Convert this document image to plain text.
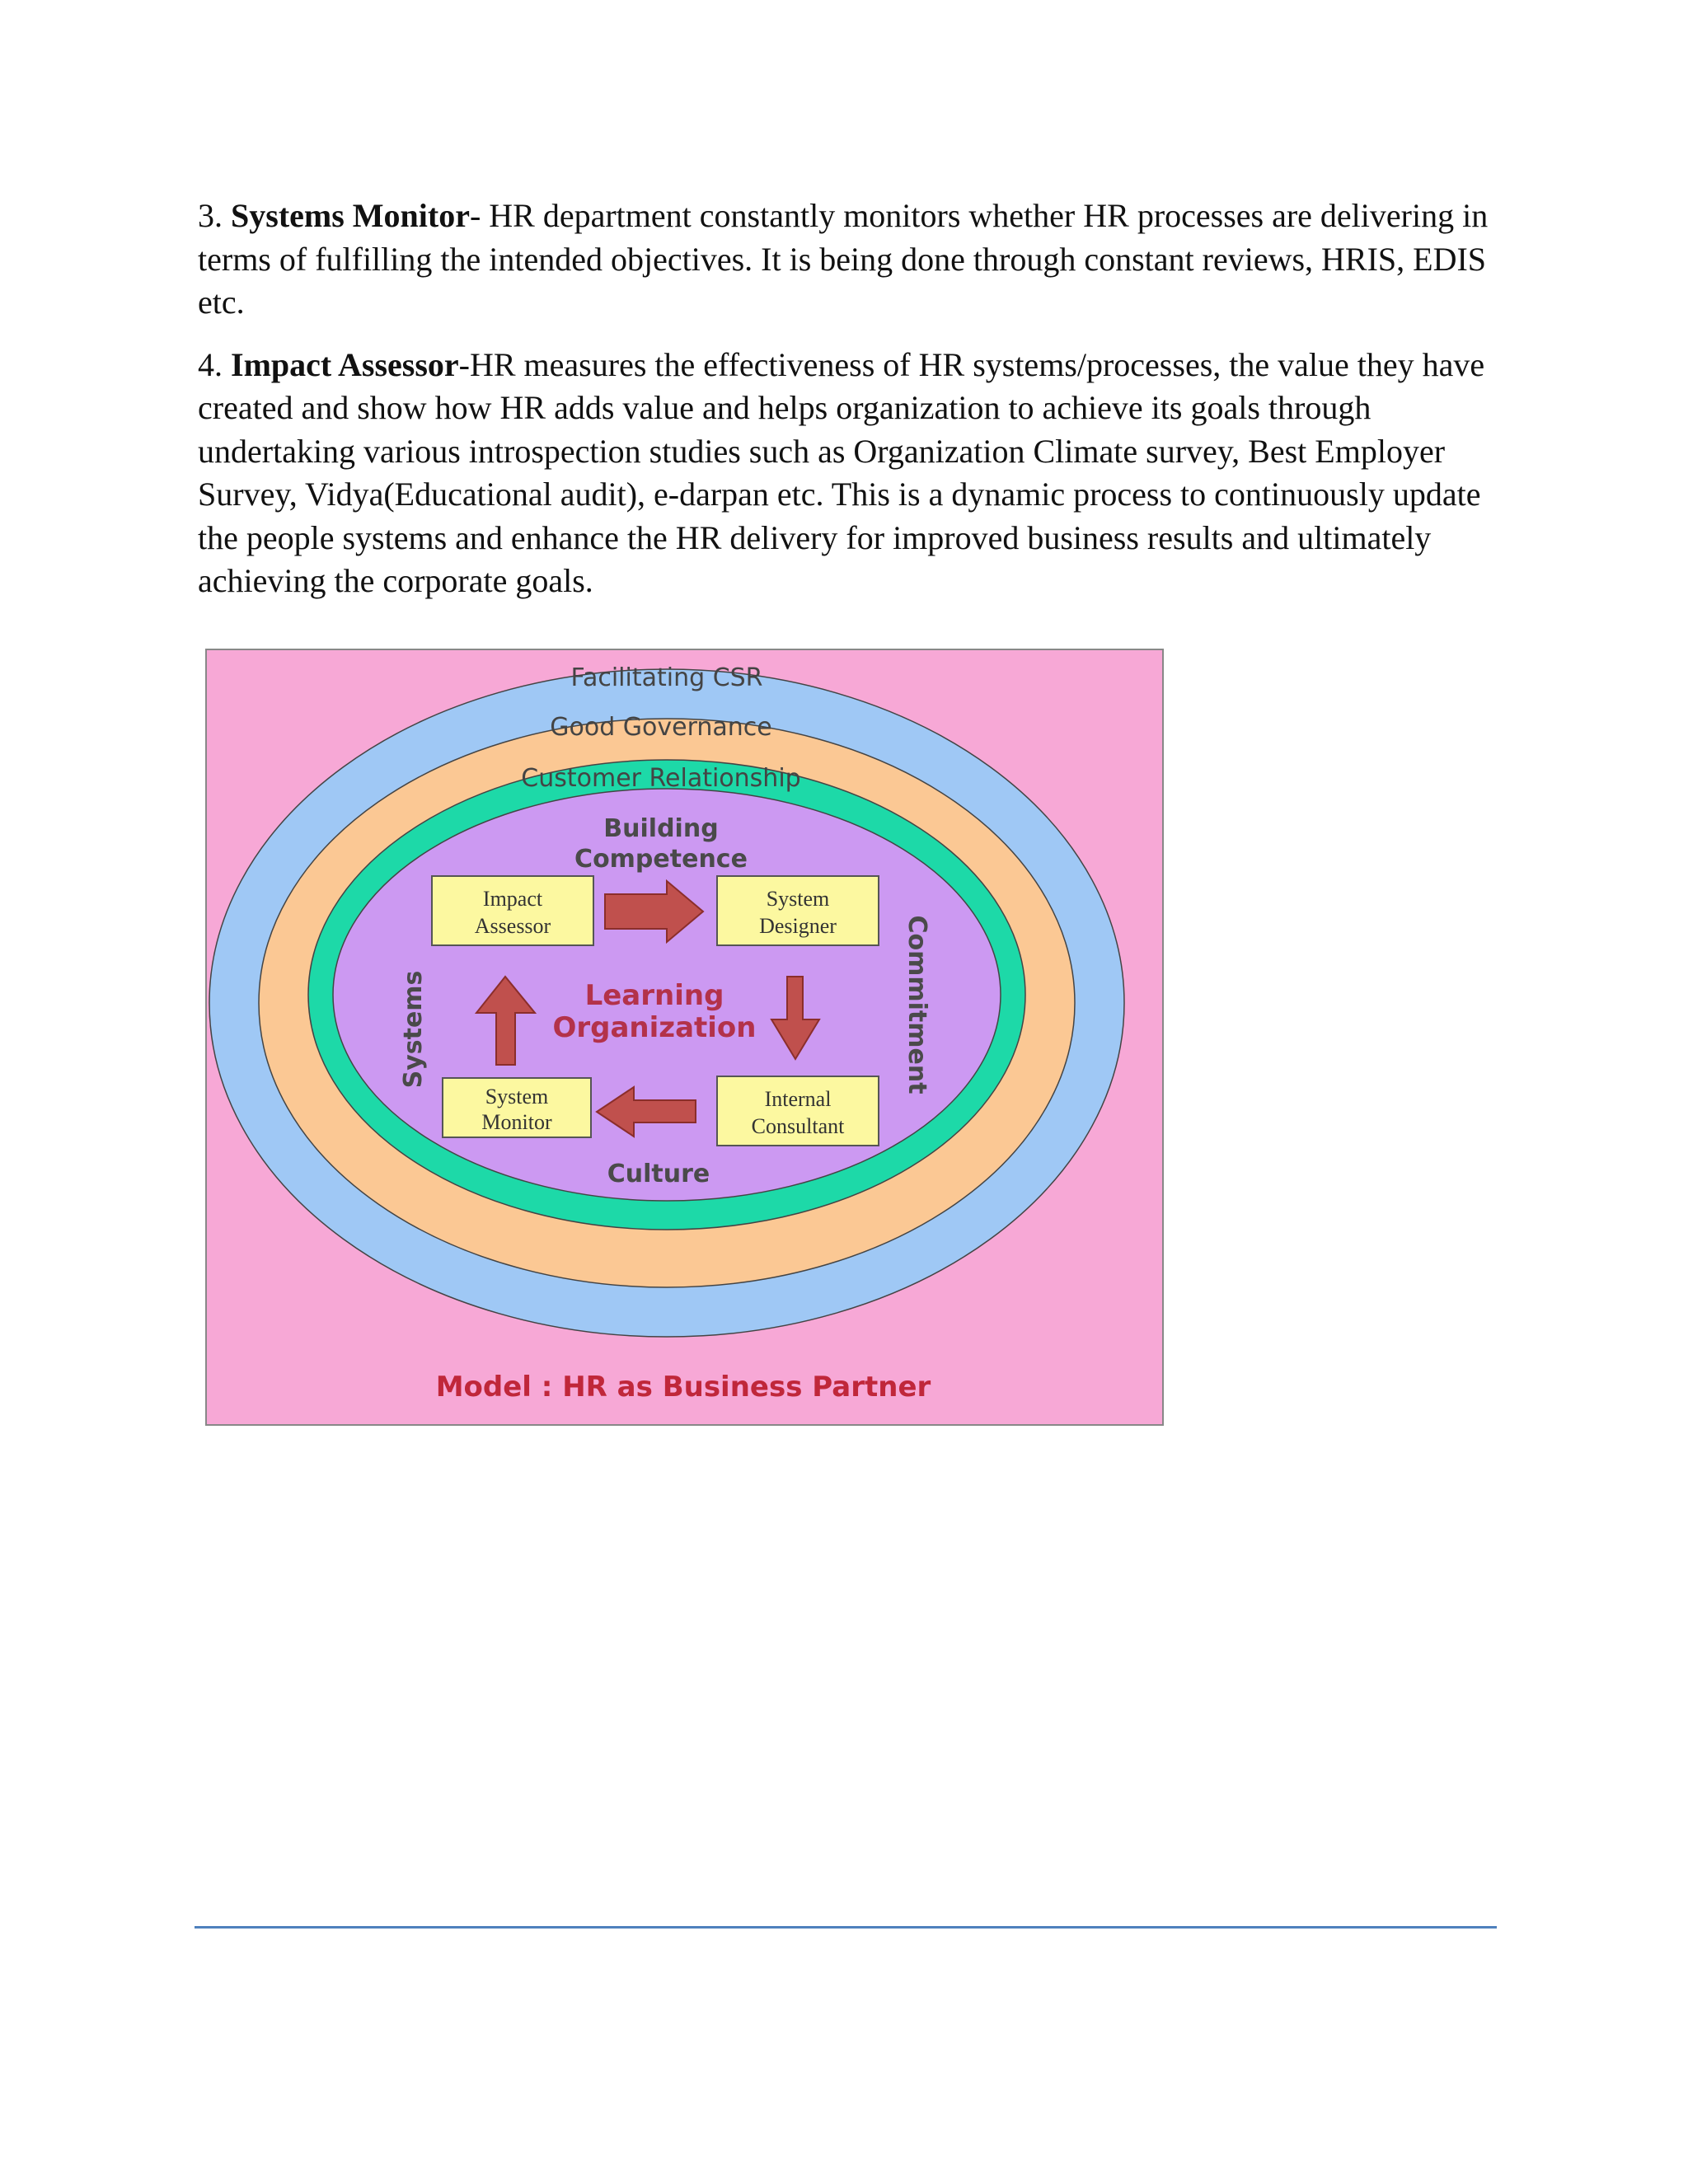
3. Systems Monitor- HR department constantly monitors whether HR processes are delivering in terms of fulfilling the intended objectives. It is being done through constant reviews, HRIS, EDIS etc.

4. Impact Assessor-HR measures the effectiveness of HR systems/processes, the value they have created and show how HR adds value and helps organization to achieve its goals through undertaking various introspection studies such as Organization Climate survey, Best Employer Survey, Vidya(Educational audit), e-darpan etc. This is a dynamic process to continuously update the people systems and enhance the HR delivery for improved business results and ultimately achieving the corporate goals.

Facilitating CSR
Good Governance
Customer Relationship
Building
Competence
Systems	Commitment
Culture
Learning
Organization
Impact
Assessor
System
Designer
Internal
Consultant
System
Monitor
Model : HR as Business Partner
